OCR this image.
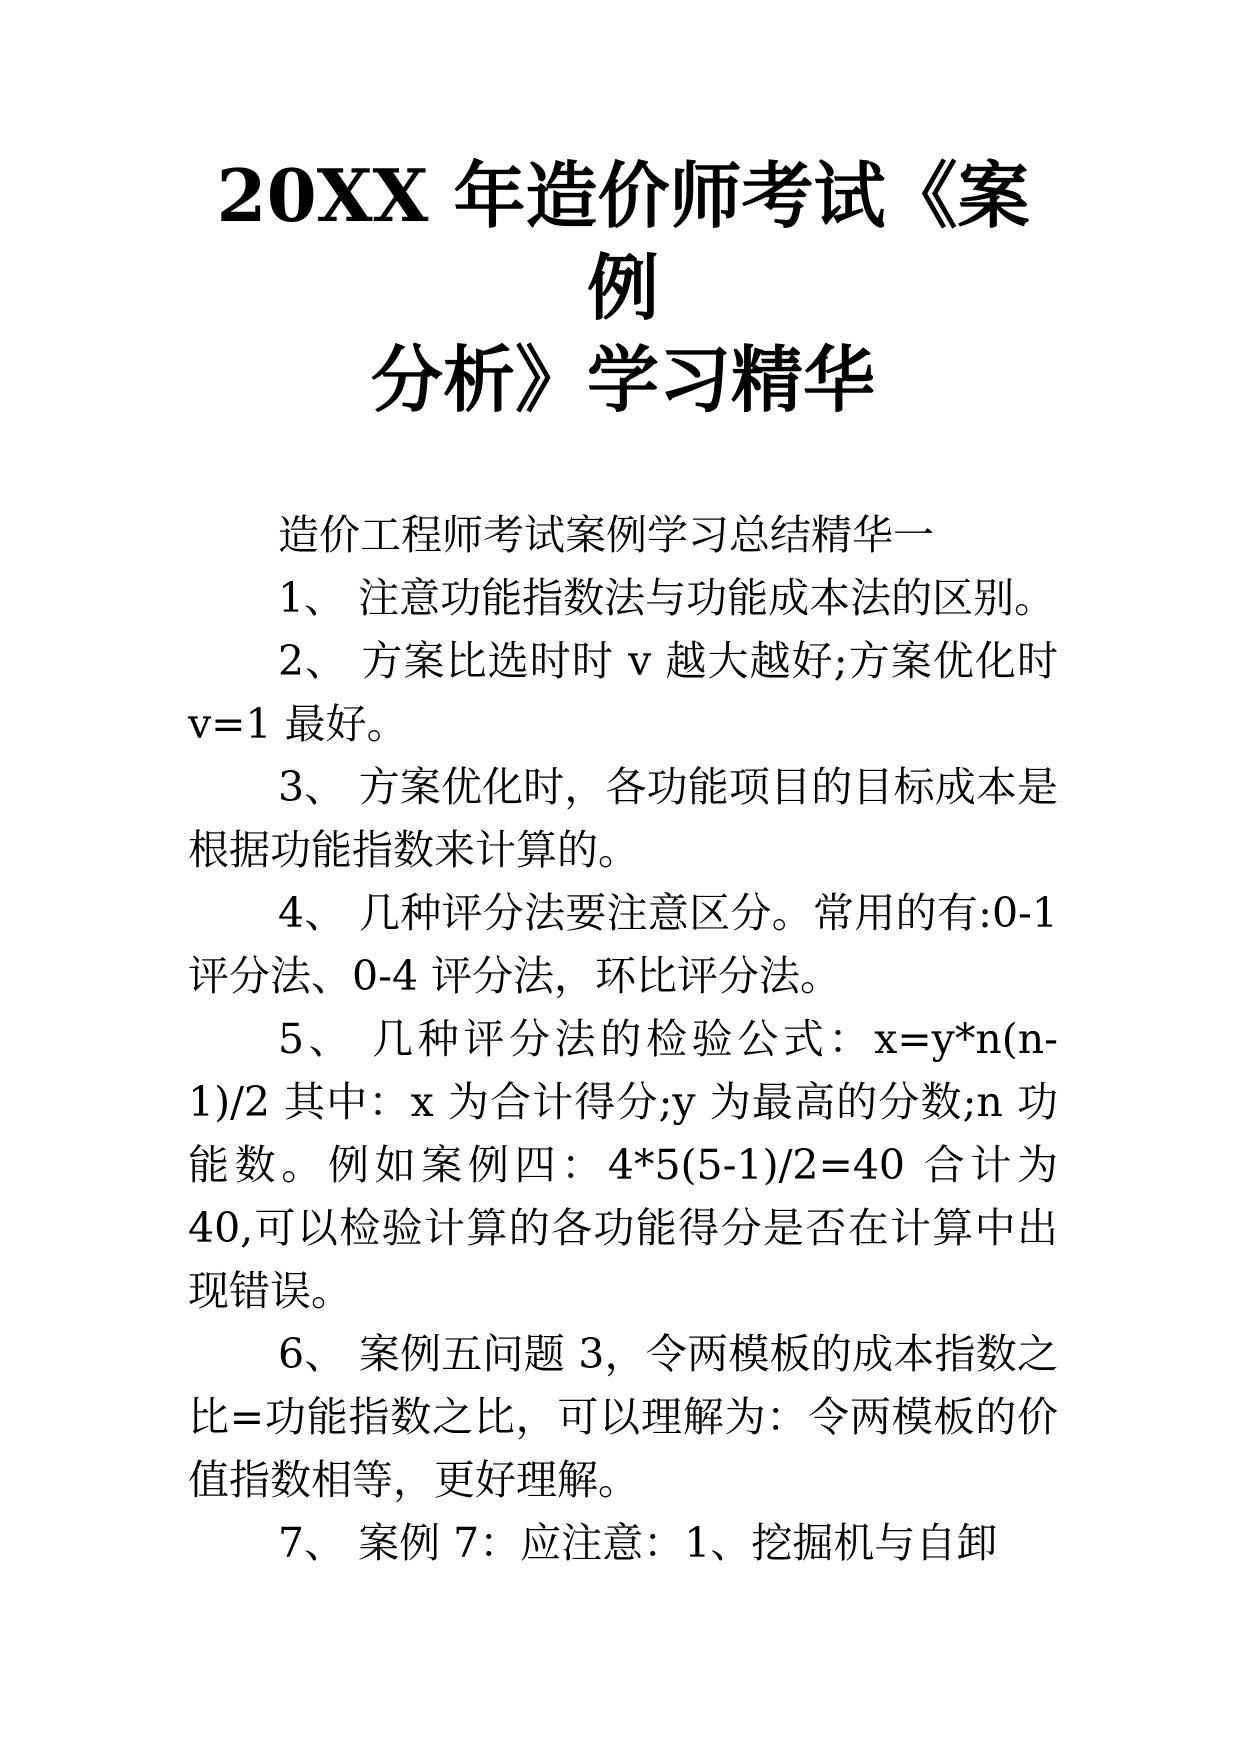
20XX 年造价师考试《案例
分析》学习精华

造价工程师考试案例学习总结精华一

1、 注意功能指数法与功能成本法的区别。

2、 方案比选时时 v 越大越好;方案优化时 v=1 最好。

3、 方案优化时，各功能项目的目标成本是根据功能指数来计算的。

4、 几种评分法要注意区分。常用的有:0-1 评分法、0-4 评分法，环比评分法。

5、 几种评分法的检验公式：x=y*n(n-1)/2 其中：x 为合计得分;y 为最高的分数;n 功能数。例如案例四：4*5(5-1)/2=40 合计为 40,可以检验计算的各功能得分是否在计算中出现错误。

6、 案例五问题 3，令两模板的成本指数之比=功能指数之比，可以理解为：令两模板的价值指数相等，更好理解。

7、 案例 7：应注意：1、挖掘机与自卸
